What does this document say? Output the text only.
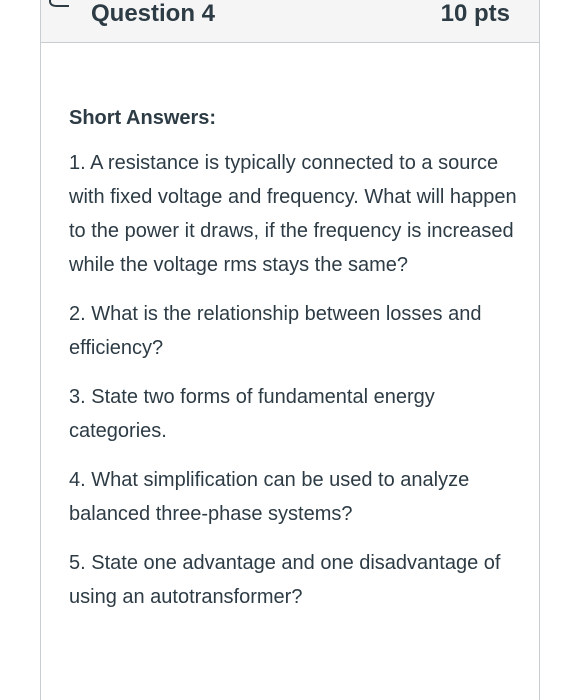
Question 4	10 pts
Short Answers:
1. A resistance is typically connected to a source with fixed voltage and frequency. What will happen to the power it draws, if the frequency is increased while the voltage rms stays the same?
2. What is the relationship between losses and efficiency?
3. State two forms of fundamental energy categories.
4. What simplification can be used to analyze balanced three-phase systems?
5. State one advantage and one disadvantage of using an autotransformer?
